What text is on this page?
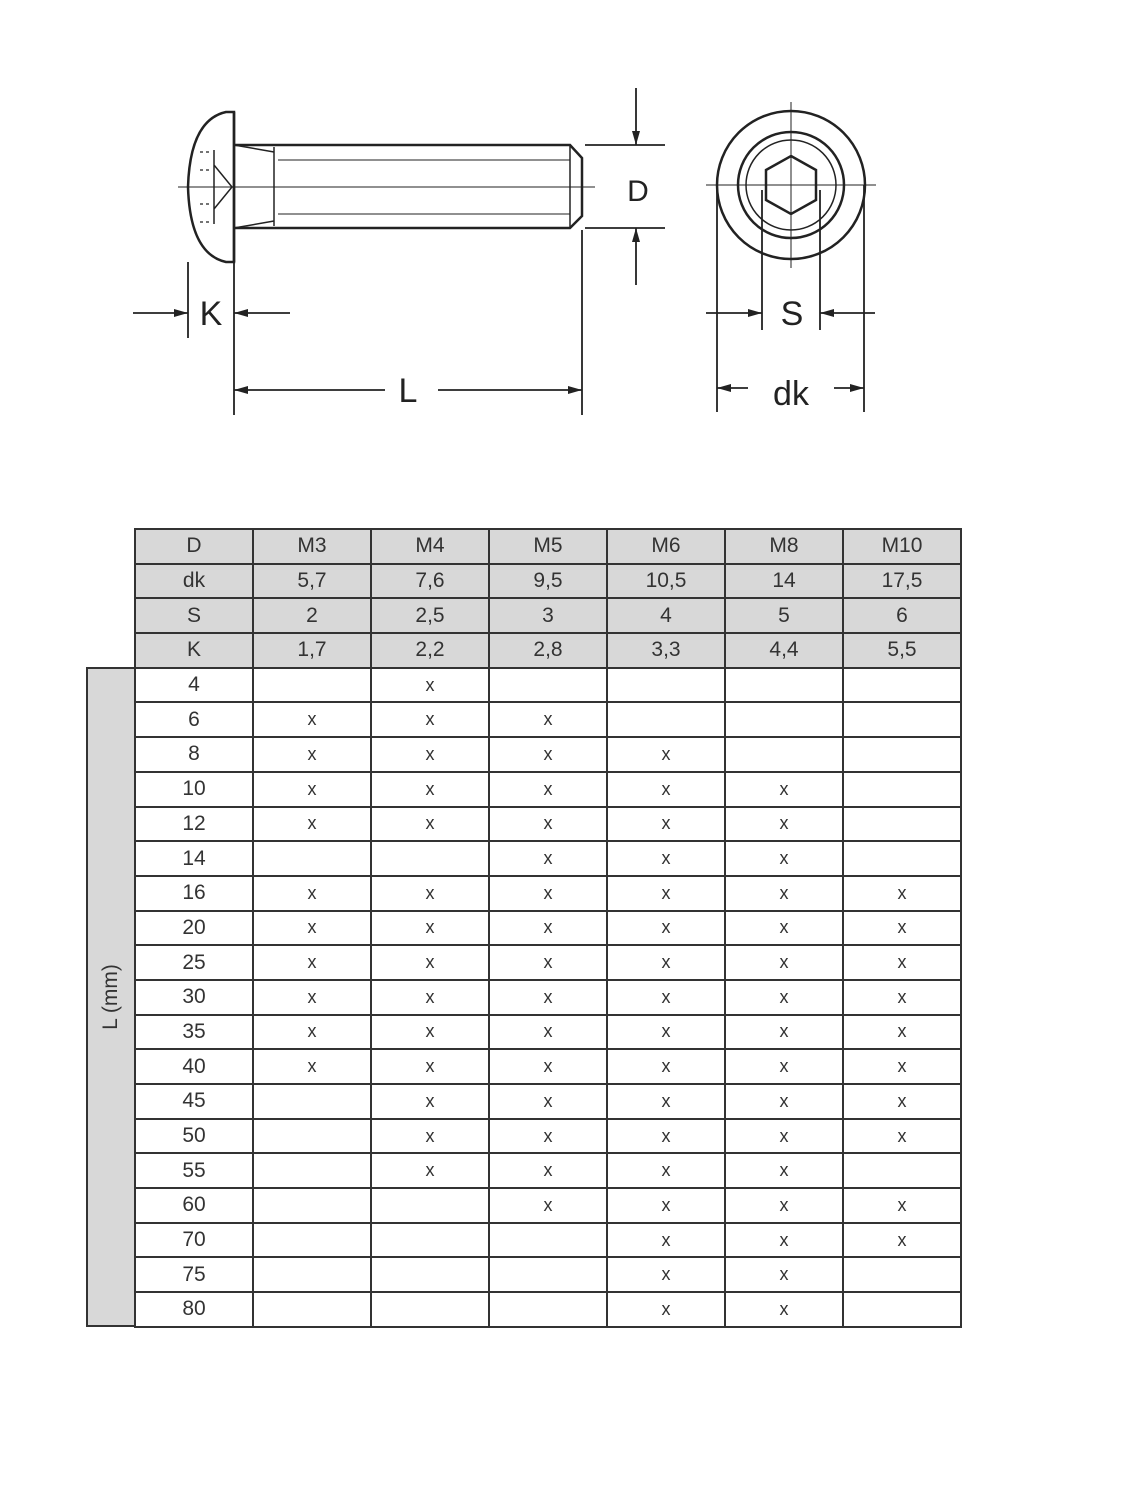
D
K
L
S
dk
L (mm)
D	M3	M4	M5	M6	M8	M10
dk	5,7	7,6	9,5	10,5	14	17,5
S	2	2,5	3	4	5	6
K	1,7	2,2	2,8	3,3	4,4	5,5
4		x				
6	x	x	x			
8	x	x	x	x		
10	x	x	x	x	x	
12	x	x	x	x	x	
14			x	x	x	
16	x	x	x	x	x	x
20	x	x	x	x	x	x
25	x	x	x	x	x	x
30	x	x	x	x	x	x
35	x	x	x	x	x	x
40	x	x	x	x	x	x
45		x	x	x	x	x
50		x	x	x	x	x
55		x	x	x	x	
60			x	x	x	x
70				x	x	x
75				x	x	
80				x	x	
